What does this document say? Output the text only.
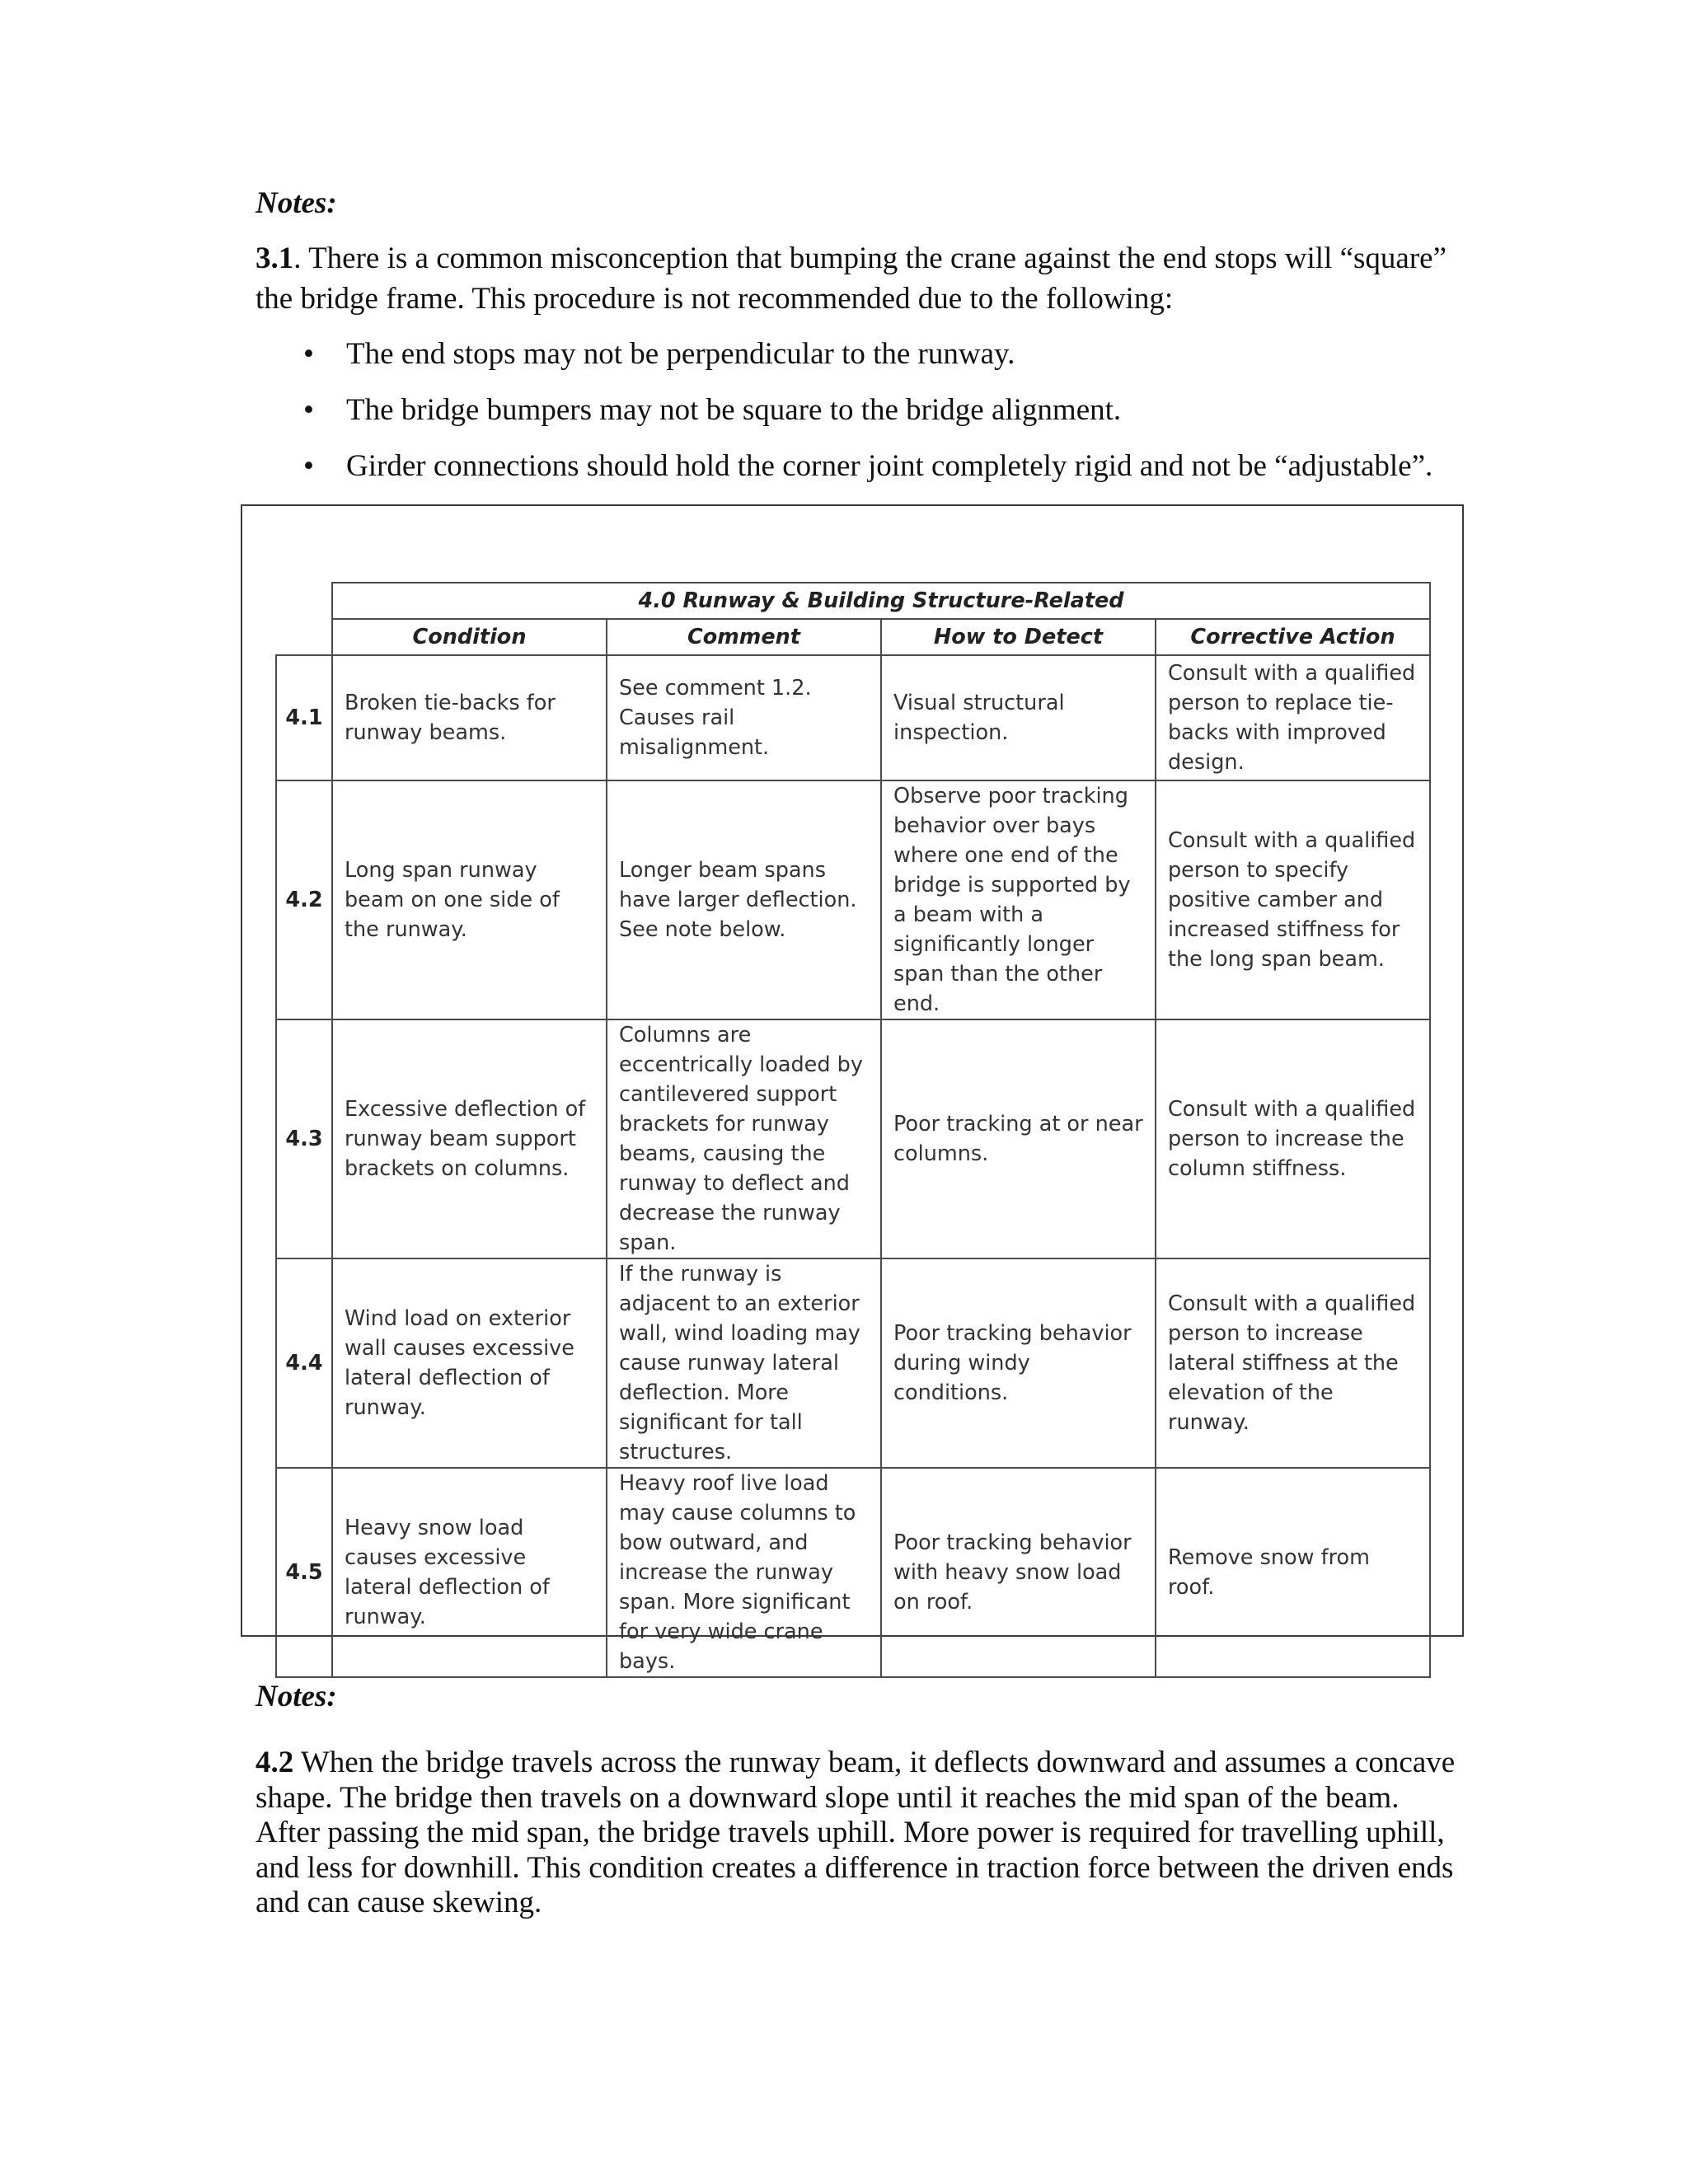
Notes:
3.1. There is a common misconception that bumping the crane against the end stops will “square” the bridge frame. This procedure is not recommended due to the following:
• The end stops may not be perpendicular to the runway.
• The bridge bumpers may not be square to the bridge alignment.
• Girder connections should hold the corner joint completely rigid and not be “adjustable”.
	4.0 Runway & Building Structure-Related			
	Condition	Comment	How to Detect	Corrective Action
4.1	Broken tie-backs for runway beams.	See comment 1.2. Causes rail misalignment.	Visual structural inspection.	Consult with a qualified person to replace tie-backs with improved design.
4.2	Long span runway beam on one side of the runway.	Longer beam spans have larger deflection. See note below.	Observe poor tracking behavior over bays where one end of the bridge is supported by a beam with a significantly longer span than the other end.	Consult with a qualified person to specify positive camber and increased stiffness for the long span beam.
4.3	Excessive deflection of runway beam support brackets on columns.	Columns are eccentrically loaded by cantilevered support brackets for runway beams, causing the runway to deflect and decrease the runway span.	Poor tracking at or near columns.	Consult with a qualified person to increase the column stiffness.
4.4	Wind load on exterior wall causes excessive lateral deflection of runway.	If the runway is adjacent to an exterior wall, wind loading may cause runway lateral deflection. More significant for tall structures.	Poor tracking behavior during windy conditions.	Consult with a qualified person to increase lateral stiffness at the elevation of the runway.
4.5	Heavy snow load causes excessive lateral deflection of runway.	Heavy roof live load may cause columns to bow outward, and increase the runway span. More significant for very wide crane bays.	Poor tracking behavior with heavy snow load on roof.	Remove snow from roof.
Notes:
4.2 When the bridge travels across the runway beam, it deflects downward and assumes a concave shape. The bridge then travels on a downward slope until it reaches the mid span of the beam. After passing the mid span, the bridge travels uphill. More power is required for travelling uphill, and less for downhill. This condition creates a difference in traction force between the driven ends and can cause skewing.
